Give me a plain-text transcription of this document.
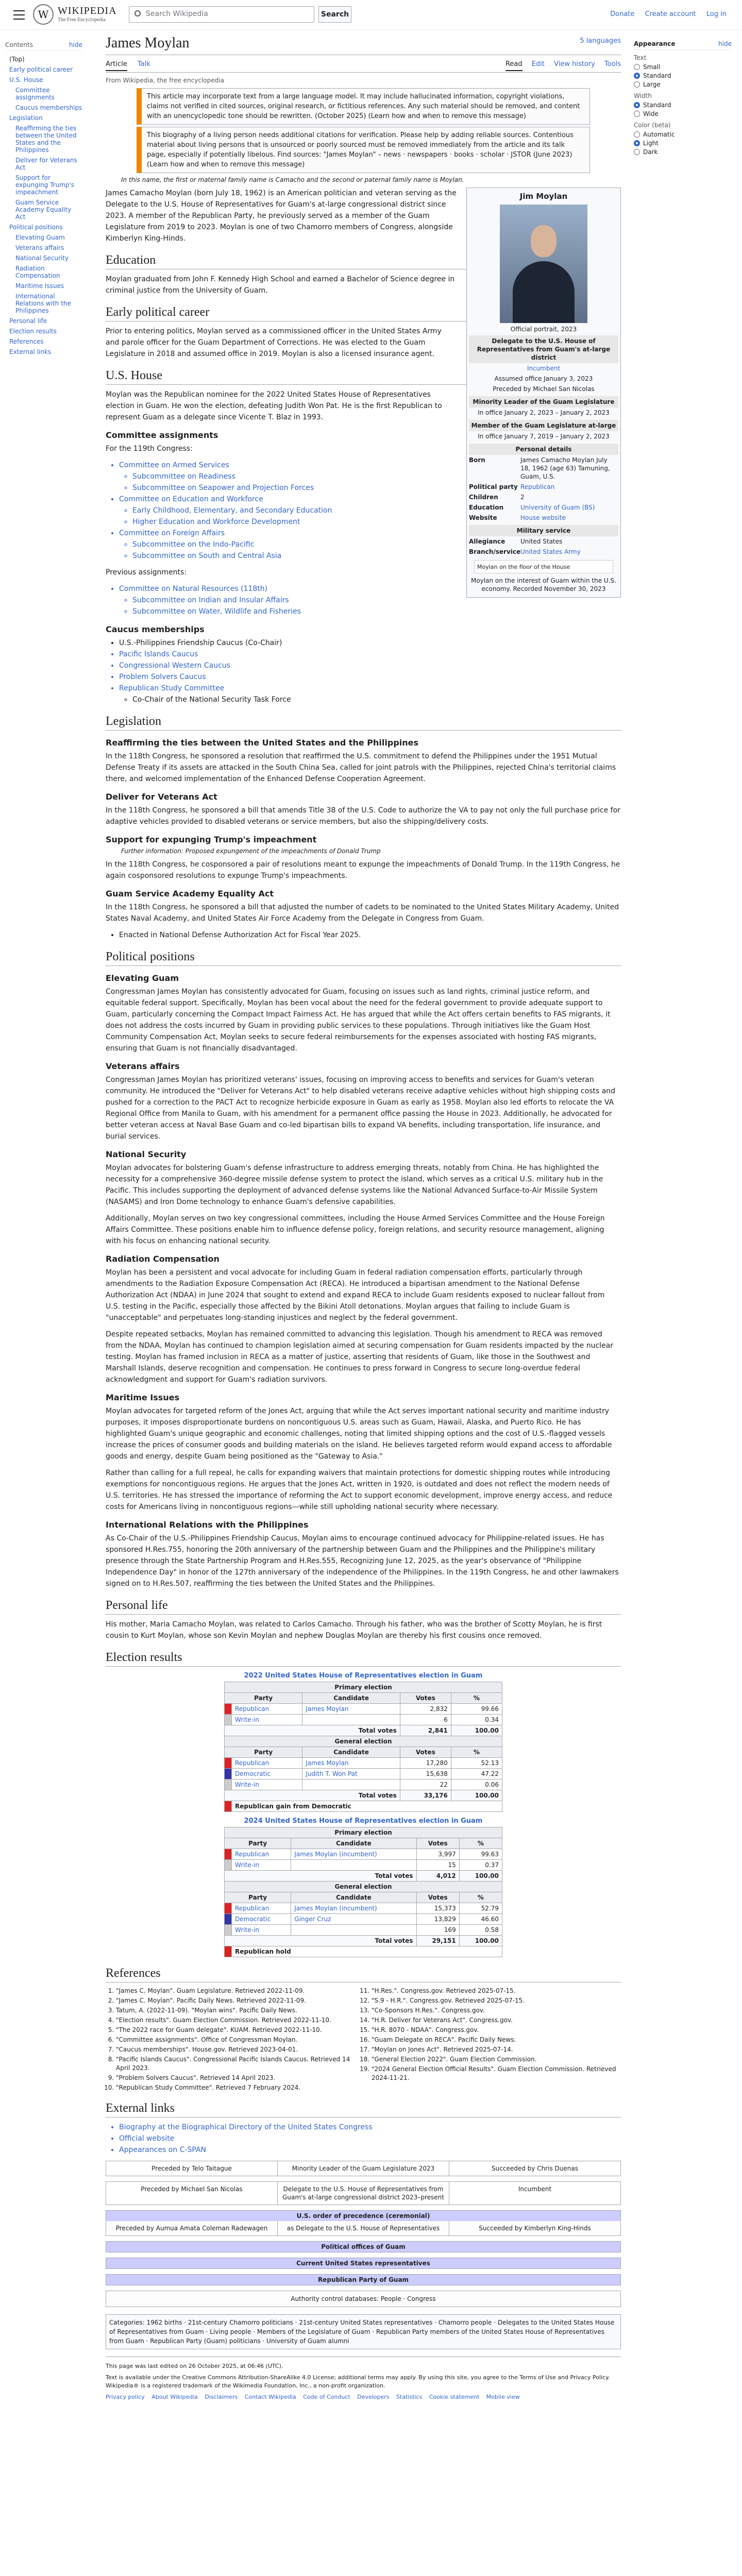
W WIKIPEDIA
The Free Encyclopedia
Search Wikipedia	Search	Donate Create account Log in
Contents	hide
(Top)
Early political career
U.S. House
Committee assignments
Caucus memberships
Legislation
Reaffirming the ties between the United States and the Philippines
Deliver for Veterans Act
Support for expunging Trump's impeachment
Guam Service Academy Equality Act
Political positions
Elevating Guam
Veterans affairs
National Security
Radiation Compensation
Maritime Issues
International Relations with the Philippines
Personal life
Election results
References
External links
James Moylan	5 languages
Article Talk	Read Edit View history Tools
From Wikipedia, the free encyclopedia
This article may incorporate text from a large language model. It may include hallucinated information, copyright violations, claims not verified in cited sources, original research, or fictitious references. Any such material should be removed, and content with an unencyclopedic tone should be rewritten. (October 2025) (Learn how and when to remove this message)
This biography of a living person needs additional citations for verification. Please help by adding reliable sources. Contentious material about living persons that is unsourced or poorly sourced must be removed immediately from the article and its talk page, especially if potentially libelous. Find sources: "James Moylan" – news · newspapers · books · scholar · JSTOR (June 2023) (Learn how and when to remove this message)
In this name, the first or maternal family name is Camacho and the second or paternal family name is Moylan.
Jim Moylan
Official portrait, 2023
Delegate to the U.S. House of Representatives from Guam's at-large district
Incumbent
Assumed office January 3, 2023
Preceded by Michael San Nicolas
Minority Leader of the Guam Legislature
In office January 2, 2023 – January 2, 2023
Member of the Guam Legislature at-large
In office January 7, 2019 – January 2, 2023
Personal details
Born	James Camacho Moylan July 18, 1962 (age 63) Tamuning, Guam, U.S.
Political party Republican
Children	2
Education	University of Guam (BS)
Website	House website
Military service
Allegiance	United States
Branch/service United States Army
Moylan on the floor of the House
Moylan on the interest of Guam within the U.S. economy. Recorded November 30, 2023

James Camacho Moylan (born July 18, 1962) is an American politician and veteran serving as the Delegate to the U.S. House of Representatives for Guam's at-large congressional district since 2023. A member of the Republican Party, he previously served as a member of the Guam Legislature from 2019 to 2023. Moylan is one of two Chamorro members of Congress, alongside Kimberlyn King-Hinds.

Education

Moylan graduated from John F. Kennedy High School and earned a Bachelor of Science degree in criminal justice from the University of Guam.

Early political career

Prior to entering politics, Moylan served as a commissioned officer in the United States Army and parole officer for the Guam Department of Corrections. He was elected to the Guam Legislature in 2018 and assumed office in 2019. Moylan is also a licensed insurance agent.

U.S. House

Moylan was the Republican nominee for the 2022 United States House of Representatives election in Guam. He won the election, defeating Judith Won Pat. He is the first Republican to represent Guam as a delegate since Vicente T. Blaz in 1993.

Committee assignments

For the 119th Congress:

• Committee on Armed Services
◦ Subcommittee on Readiness
◦ Subcommittee on Seapower and Projection Forces
• Committee on Education and Workforce
◦ Early Childhood, Elementary, and Secondary Education
◦ Higher Education and Workforce Development
• Committee on Foreign Affairs
◦ Subcommittee on the Indo-Pacific
◦ Subcommittee on South and Central Asia

Previous assignments:

• Committee on Natural Resources (118th)
◦ Subcommittee on Indian and Insular Affairs
◦ Subcommittee on Water, Wildlife and Fisheries
Caucus memberships
• U.S.-Philippines Friendship Caucus (Co-Chair)
• Pacific Islands Caucus
• Congressional Western Caucus
• Problem Solvers Caucus
• Republican Study Committee
◦ Co-Chair of the National Security Task Force
Legislation
Reaffirming the ties between the United States and the Philippines

In the 118th Congress, he sponsored a resolution that reaffirmed the U.S. commitment to defend the Philippines under the 1951 Mutual Defense Treaty if its assets are attacked in the South China Sea, called for joint patrols with the Philippines, rejected China's territorial claims there, and welcomed implementation of the Enhanced Defense Cooperation Agreement.

Deliver for Veterans Act

In the 118th Congress, he sponsored a bill that amends Title 38 of the U.S. Code to authorize the VA to pay not only the full purchase price for adaptive vehicles provided to disabled veterans or service members, but also the shipping/delivery costs.

Support for expunging Trump's impeachment
Further information: Proposed expungement of the impeachments of Donald Trump

In the 118th Congress, he cosponsored a pair of resolutions meant to expunge the impeachments of Donald Trump. In the 119th Congress, he again cosponsored resolutions to expunge Trump's impeachments.

Guam Service Academy Equality Act

In the 118th Congress, he sponsored a bill that adjusted the number of cadets to be nominated to the United States Military Academy, United States Naval Academy, and United States Air Force Academy from the Delegate in Congress from Guam.

• Enacted in National Defense Authorization Act for Fiscal Year 2025.
Political positions
Elevating Guam

Congressman James Moylan has consistently advocated for Guam, focusing on issues such as land rights, criminal justice reform, and equitable federal support. Specifically, Moylan has been vocal about the need for the federal government to provide adequate support to Guam, particularly concerning the Compact Impact Fairness Act. He has argued that while the Act offers certain benefits to FAS migrants, it does not address the costs incurred by Guam in providing public services to these populations. Through initiatives like the Guam Host Community Compensation Act, Moylan seeks to secure federal reimbursements for the expenses associated with hosting FAS migrants, ensuring that Guam is not financially disadvantaged.

Veterans affairs

Congressman James Moylan has prioritized veterans' issues, focusing on improving access to benefits and services for Guam's veteran community. He introduced the "Deliver for Veterans Act" to help disabled veterans receive adaptive vehicles without high shipping costs and pushed for a correction to the PACT Act to recognize herbicide exposure in Guam as early as 1958. Moylan also led efforts to relocate the VA Regional Office from Manila to Guam, with his amendment for a permanent office passing the House in 2023. Additionally, he advocated for better veteran access at Naval Base Guam and co-led bipartisan bills to expand VA benefits, including transportation, life insurance, and burial services.

National Security

Moylan advocates for bolstering Guam's defense infrastructure to address emerging threats, notably from China. He has highlighted the necessity for a comprehensive 360-degree missile defense system to protect the island, which serves as a critical U.S. military hub in the Pacific. This includes supporting the deployment of advanced defense systems like the National Advanced Surface-to-Air Missile System (NASAMS) and Iron Dome technology to enhance Guam's defensive capabilities.

Additionally, Moylan serves on two key congressional committees, including the House Armed Services Committee and the House Foreign Affairs Committee. These positions enable him to influence defense policy, foreign relations, and security resource management, aligning with his focus on enhancing national security.

Radiation Compensation

Moylan has been a persistent and vocal advocate for including Guam in federal radiation compensation efforts, particularly through amendments to the Radiation Exposure Compensation Act (RECA). He introduced a bipartisan amendment to the National Defense Authorization Act (NDAA) in June 2024 that sought to extend and expand RECA to include Guam residents exposed to nuclear fallout from U.S. testing in the Pacific, especially those affected by the Bikini Atoll detonations. Moylan argues that failing to include Guam is "unacceptable" and perpetuates long-standing injustices and neglect by the federal government.

Despite repeated setbacks, Moylan has remained committed to advancing this legislation. Though his amendment to RECA was removed from the NDAA, Moylan has continued to champion legislation aimed at securing compensation for Guam residents impacted by the nuclear testing. Moylan has framed inclusion in RECA as a matter of justice, asserting that residents of Guam, like those in the Southwest and Marshall Islands, deserve recognition and compensation. He continues to press forward in Congress to secure long-overdue federal acknowledgment and support for Guam's radiation survivors.

Maritime Issues

Moylan advocates for targeted reform of the Jones Act, arguing that while the Act serves important national security and maritime industry purposes, it imposes disproportionate burdens on noncontiguous U.S. areas such as Guam, Hawaii, Alaska, and Puerto Rico. He has highlighted Guam's unique geographic and economic challenges, noting that limited shipping options and the cost of U.S.-flagged vessels increase the prices of consumer goods and building materials on the island. He believes targeted reform would expand access to affordable goods and energy, despite Guam being positioned as the "Gateway to Asia."

Rather than calling for a full repeal, he calls for expanding waivers that maintain protections for domestic shipping routes while introducing exemptions for noncontiguous regions. He argues that the Jones Act, written in 1920, is outdated and does not reflect the modern needs of U.S. territories. He has stressed the importance of reforming the Act to support economic development, improve energy access, and reduce costs for Americans living in noncontiguous regions—while still upholding national security where necessary.

International Relations with the Philippines

As Co-Chair of the U.S.-Philippines Friendship Caucus, Moylan aims to encourage continued advocacy for Philippine-related issues. He has sponsored H.Res.755, honoring the 20th anniversary of the partnership between Guam and the Philippines and the Philippine's military presence through the State Partnership Program and H.Res.555, Recognizing June 12, 2025, as the year's observance of "Philippine Independence Day" in honor of the 127th anniversary of the independence of the Philippines. In the 119th Congress, he and other lawmakers signed on to H.Res.507, reaffirming the ties between the United States and the Philippines.

Personal life

His mother, Maria Camacho Moylan, was related to Carlos Camacho. Through his father, who was the brother of Scotty Moylan, he is first cousin to Kurt Moylan, whose son Kevin Moylan and nephew Douglas Moylan are thereby his first cousins once removed.

Election results
2022 United States House of Representatives election in Guam
Primary election				
Party		Candidate	Votes	%
	Republican	James Moylan	2,832	99.66
	Write-in		6	0.34
Total votes			2,841	100.00
General election				
Party		Candidate	Votes	%
	Republican	James Moylan	17,280	52.13
	Democratic	Judith T. Won Pat	15,638	47.22
	Write-in		22	0.06
Total votes			33,176	100.00
	Republican gain from Democratic			
2024 United States House of Representatives election in Guam
Primary election				
Party		Candidate	Votes	%
	Republican	James Moylan (incumbent)	3,997	99.63
	Write-in		15	0.37
Total votes			4,012	100.00
General election				
Party		Candidate	Votes	%
	Republican	James Moylan (incumbent)	15,373	52.79
	Democratic	Ginger Cruz	13,829	46.60
	Write-in		169	0.58
Total votes			29,151	100.00
	Republican hold			
References
1. "James C. Moylan". Guam Legislature. Retrieved 2022-11-09.
2. "James C. Moylan". Pacific Daily News. Retrieved 2022-11-09.
3. Tatum, A. (2022-11-09). "Moylan wins". Pacific Daily News.
4. "Election results". Guam Election Commission. Retrieved 2022-11-10.
5. "The 2022 race for Guam delegate". KUAM. Retrieved 2022-11-10.
6. "Committee assignments". Office of Congressman Moylan.
7. "Caucus memberships". House.gov. Retrieved 2023-04-01.
8. "Pacific Islands Caucus". Congressional Pacific Islands Caucus. Retrieved 14 April 2023.
9. "Problem Solvers Caucus". Retrieved 14 April 2023.
10. "Republican Study Committee". Retrieved 7 February 2024.
11. "H.Res.". Congress.gov. Retrieved 2025-07-15.
12. "S.9 - H.R.". Congress.gov. Retrieved 2025-07-15.
13. "Co-Sponsors H.Res.". Congress.gov.
14. "H.R. Deliver for Veterans Act". Congress.gov.
15. "H.R. 8070 - NDAA". Congress.gov.
16. "Guam Delegate on RECA". Pacific Daily News.
17. "Moylan on Jones Act". Retrieved 2025-07-14.
18. "General Election 2022". Guam Election Commission.
19. "2024 General Election Official Results". Guam Election Commission. Retrieved 2024-11-21.
External links
• Biography at the Biographical Directory of the United States Congress
• Official website
• Appearances on C-SPAN
Preceded by Telo Taitague	Minority Leader of the Guam Legislature 2023	Succeeded by Chris Duenas
Preceded by Michael San Nicolas	Delegate to the U.S. House of Representatives from Guam's at-large congressional district 2023–present
Incumbent
U.S. order of precedence (ceremonial)
Preceded by Aumua Amata Coleman Radewagen	as Delegate to the U.S. House of Representatives	Succeeded by Kimberlyn King-Hinds
Political offices of Guam
Current United States representatives
Republican Party of Guam
Authority control databases: People · Congress
Categories: 1962 births · 21st-century Chamorro politicians · 21st-century United States representatives · Chamorro people · Delegates to the United States House of Representatives from Guam · Living people · Members of the Legislature of Guam · Republican Party members of the United States House of Representatives from Guam · Republican Party (Guam) politicians · University of Guam alumni
This page was last edited on 26 October 2025, at 06:46 (UTC).
Text is available under the Creative Commons Attribution-ShareAlike 4.0 License; additional terms may apply. By using this site, you agree to the Terms of Use and Privacy Policy. Wikipedia® is a registered trademark of the Wikimedia Foundation, Inc., a non-profit organization.
Privacy policy About Wikipedia Disclaimers Contact Wikipedia Code of Conduct Developers Statistics Cookie statement Mobile view
Appearance	hide
Text
Small
Standard
Large
Width
Standard
Wide
Color (beta)
Automatic
Light
Dark
